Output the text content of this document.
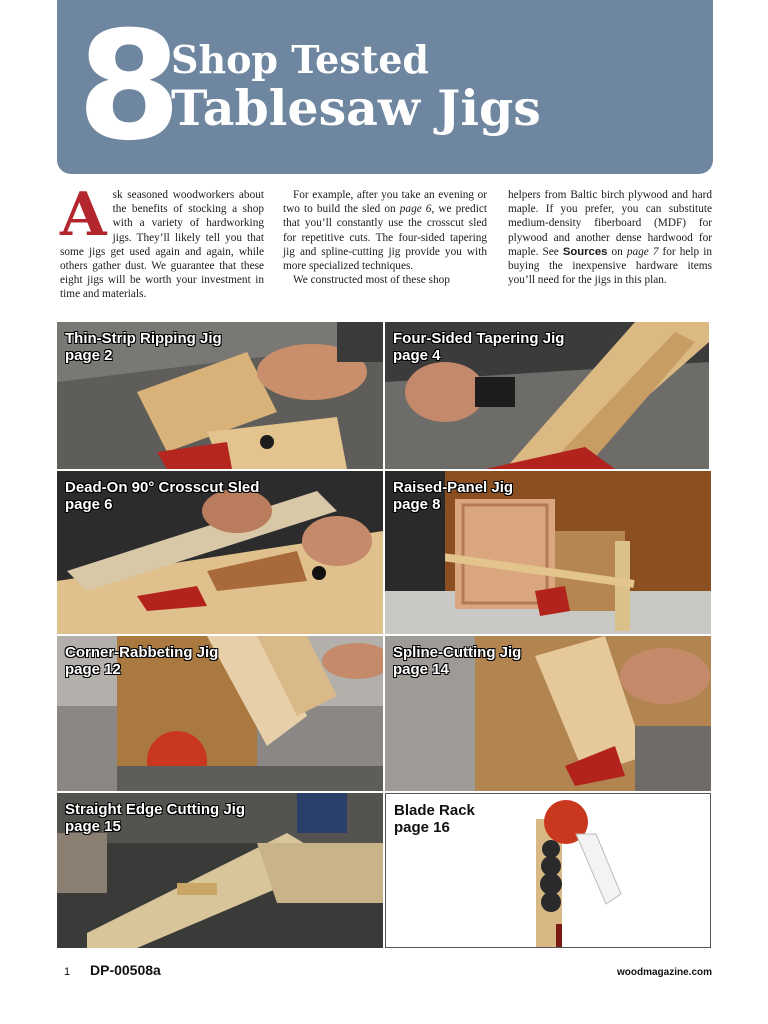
8
Shop Tested
Tablesaw Jigs
Ask seasoned woodworkers about the benefits of stocking a shop with a variety of hardworking jigs. They’ll likely tell you that some jigs get used again and again, while others gather dust. We guarantee that these eight jigs will be worth your investment in time and materials.

For example, after you take an evening or two to build the sled on page 6, we predict that you’ll constantly use the crosscut sled for repetitive cuts. The four-sided tapering jig and spline-cutting jig provide you with more specialized techniques.

We constructed most of these shop

helpers from Baltic birch plywood and hard maple. If you prefer, you can substitute medium-density fiberboard (MDF) for plywood and another dense hardwood for maple. See Sources on page 7 for help in buying the inexpensive hardware items you’ll need for the jigs in this plan.
Thin-Strip Ripping Jig
page 2
Four-Sided Tapering Jig
page 4
Dead-On 90° Crosscut Sled
page 6
Raised-Panel Jig
page 8
Corner-Rabbeting Jig
page 12
Spline-Cutting Jig
page 14
Straight Edge Cutting Jig
page 15
Blade Rack
page 16
1 DP-00508a	woodmagazine.com
